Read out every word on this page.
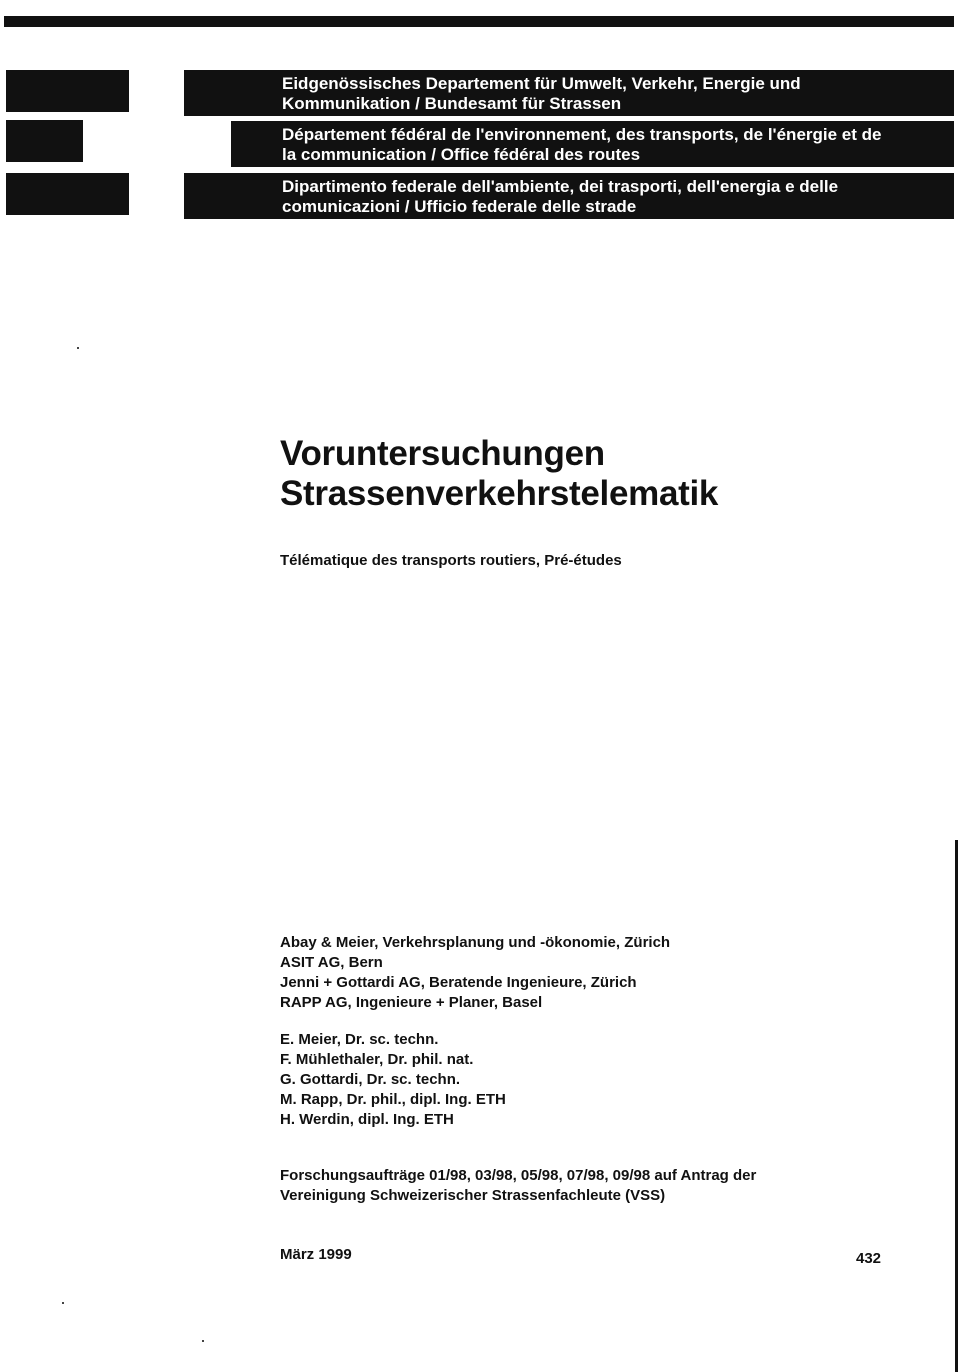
Eidgenössisches Departement für Umwelt, Verkehr, Energie und
Kommunikation / Bundesamt für Strassen
Département fédéral de l'environnement, des transports, de l'énergie et de
la communication / Office fédéral des routes
Dipartimento federale dell'ambiente, dei trasporti, dell'energia e delle
comunicazioni / Ufficio federale delle strade
Voruntersuchungen
Strassenverkehrstelematik
Télématique des transports routiers, Pré-études
Abay & Meier, Verkehrsplanung und -ökonomie, Zürich
ASIT AG, Bern
Jenni + Gottardi AG, Beratende Ingenieure, Zürich
RAPP AG, Ingenieure + Planer, Basel
E. Meier, Dr. sc. techn.
F. Mühlethaler, Dr. phil. nat.
G. Gottardi, Dr. sc. techn.
M. Rapp, Dr. phil., dipl. Ing. ETH
H. Werdin, dipl. Ing. ETH
Forschungsaufträge 01/98, 03/98, 05/98, 07/98, 09/98 auf Antrag der
Vereinigung Schweizerischer Strassenfachleute (VSS)
März 1999	432
